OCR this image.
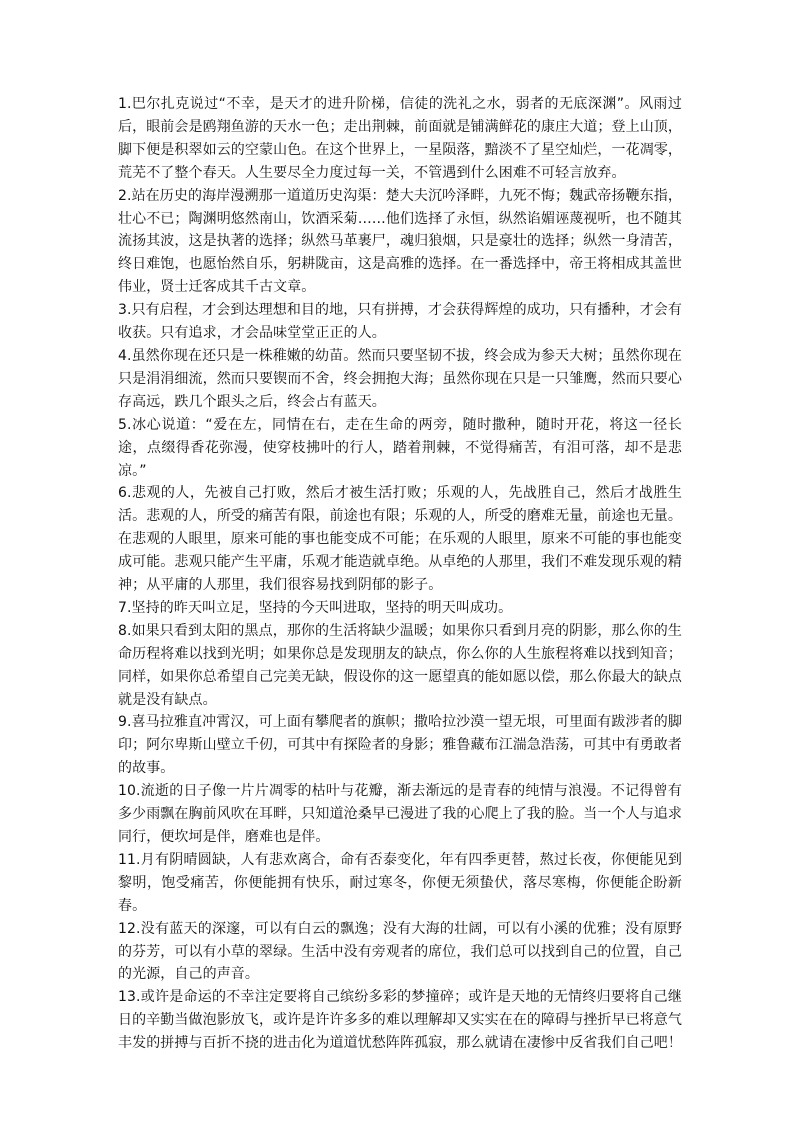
1.巴尔扎克说过“不幸，是天才的进升阶梯，信徒的洗礼之水，弱者的无底深渊”。风雨过后，眼前会是鸥翔鱼游的天水一色；走出荆棘，前面就是铺满鲜花的康庄大道；登上山顶，脚下便是积翠如云的空蒙山色。在这个世界上，一星陨落，黯淡不了星空灿烂，一花凋零，荒芜不了整个春天。人生要尽全力度过每一关，不管遇到什么困难不可轻言放弃。

2.站在历史的海岸漫溯那一道道历史沟渠：楚大夫沉吟泽畔，九死不悔；魏武帝扬鞭东指，壮心不已；陶渊明悠然南山，饮酒采菊……他们选择了永恒，纵然谄媚诬蔑视听，也不随其流扬其波，这是执著的选择；纵然马革裹尸，魂归狼烟，只是豪壮的选择；纵然一身清苦，终日难饱，也愿怡然自乐，躬耕陇亩，这是高雅的选择。在一番选择中，帝王将相成其盖世伟业，贤士迁客成其千古文章。

3.只有启程，才会到达理想和目的地，只有拼搏，才会获得辉煌的成功，只有播种，才会有收获。只有追求，才会品味堂堂正正的人。

4.虽然你现在还只是一株稚嫩的幼苗。然而只要坚韧不拔，终会成为参天大树；虽然你现在只是涓涓细流，然而只要锲而不舍，终会拥抱大海；虽然你现在只是一只雏鹰，然而只要心存高远，跌几个跟头之后，终会占有蓝天。

5.冰心说道：“爱在左，同情在右，走在生命的两旁，随时撒种，随时开花，将这一径长途，点缀得香花弥漫，使穿枝拂叶的行人，踏着荆棘，不觉得痛苦，有泪可落，却不是悲凉。”

6.悲观的人，先被自己打败，然后才被生活打败；乐观的人，先战胜自己，然后才战胜生活。悲观的人，所受的痛苦有限，前途也有限；乐观的人，所受的磨难无量，前途也无量。在悲观的人眼里，原来可能的事也能变成不可能；在乐观的人眼里，原来不可能的事也能变成可能。悲观只能产生平庸，乐观才能造就卓绝。从卓绝的人那里，我们不难发现乐观的精神；从平庸的人那里，我们很容易找到阴郁的影子。

7.坚持的昨天叫立足，坚持的今天叫进取，坚持的明天叫成功。

8.如果只看到太阳的黑点，那你的生活将缺少温暖；如果你只看到月亮的阴影，那么你的生命历程将难以找到光明；如果你总是发现朋友的缺点，你么你的人生旅程将难以找到知音；同样，如果你总希望自己完美无缺，假设你的这一愿望真的能如愿以偿，那么你最大的缺点就是没有缺点。

9.喜马拉雅直冲霄汉，可上面有攀爬者的旗帜；撒哈拉沙漠一望无垠，可里面有跋涉者的脚印；阿尔卑斯山壁立千仞，可其中有探险者的身影；雅鲁藏布江湍急浩荡，可其中有勇敢者的故事。

10.流逝的日子像一片片凋零的枯叶与花瓣，渐去渐远的是青春的纯情与浪漫。不记得曾有多少雨飘在胸前风吹在耳畔，只知道沧桑早已漫进了我的心爬上了我的脸。当一个人与追求同行，便坎坷是伴，磨难也是伴。

11.月有阴晴圆缺，人有悲欢离合，命有否泰变化，年有四季更替，熬过长夜，你便能见到黎明，饱受痛苦，你便能拥有快乐，耐过寒冬，你便无须蛰伏，落尽寒梅，你便能企盼新春。

12.没有蓝天的深邃，可以有白云的飘逸；没有大海的壮阔，可以有小溪的优雅；没有原野的芬芳，可以有小草的翠绿。生活中没有旁观者的席位，我们总可以找到自己的位置，自己的光源，自己的声音。

13.或许是命运的不幸注定要将自己缤纷多彩的梦撞碎；或许是天地的无情终归要将自己继日的辛勤当做泡影放飞，或许是许许多多的难以理解却又实实在在的障碍与挫折早已将意气丰发的拼搏与百折不挠的进击化为道道忧愁阵阵孤寂，那么就请在凄惨中反省我们自己吧！
